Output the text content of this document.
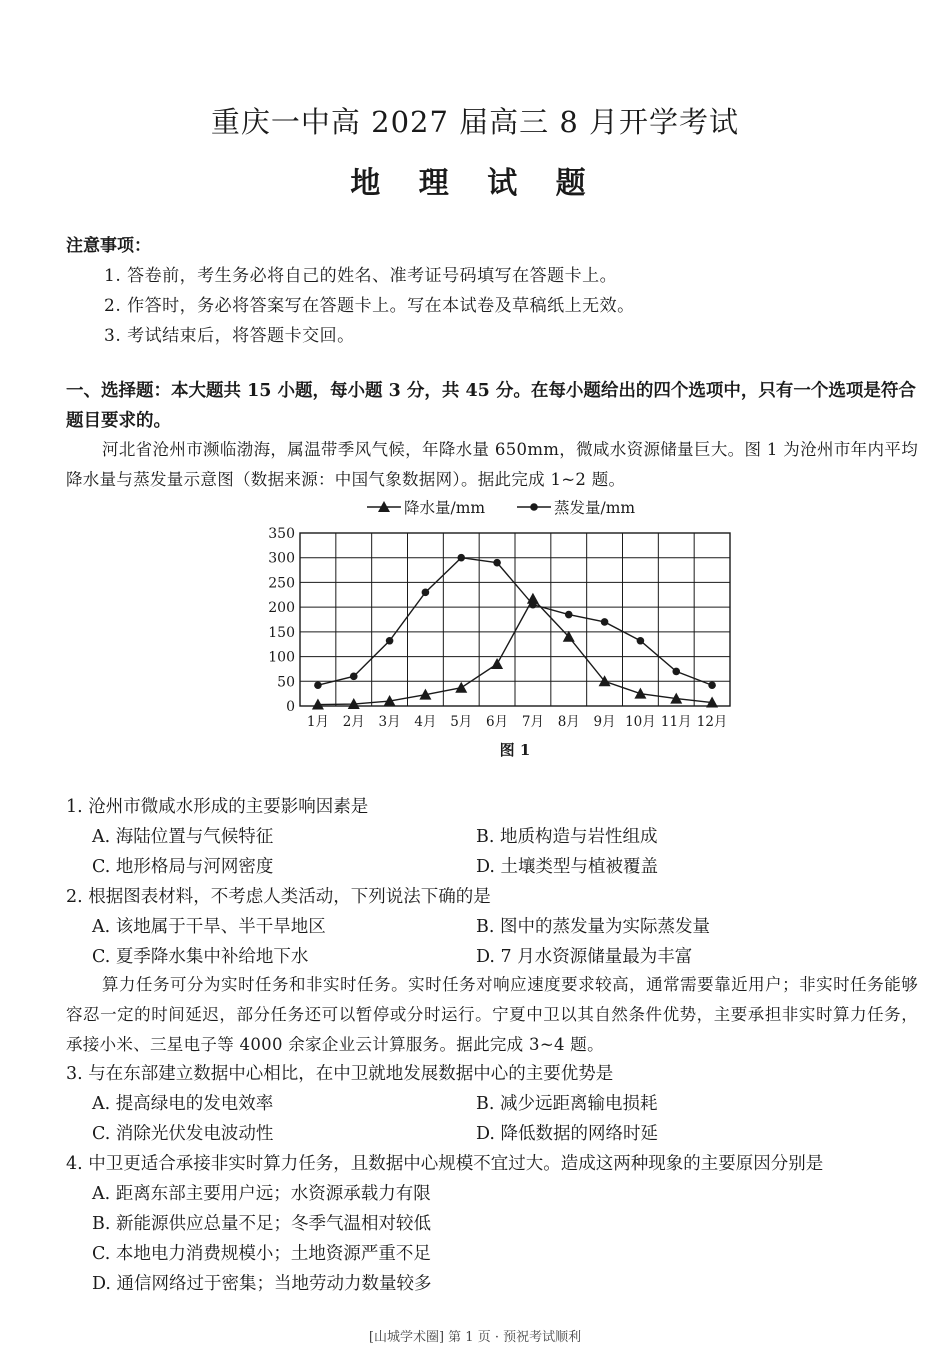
重庆一中高 2027 届高三 8 月开学考试
地 理 试 题
注意事项：
1. 答卷前，考生务必将自己的姓名、准考证号码填写在答题卡上。
2. 作答时，务必将答案写在答题卡上。写在本试卷及草稿纸上无效。
3. 考试结束后，将答题卡交回。
一、选择题：本大题共 15 小题，每小题 3 分，共 45 分。在每小题给出的四个选项中，只有一个选项是符合题目要求的。
河北省沧州市濒临渤海，属温带季风气候，年降水量 650mm，微咸水资源储量巨大。图 1 为沧州市年内平均降水量与蒸发量示意图（数据来源：中国气象数据网）。据此完成 1~2 题。
0
50
100
150
200
250
300
350
1月 2月 3月 4月 5月 6月 7月 8月 9月 10月 11月 12月
降水量/mm	蒸发量/mm
图 1
1. 沧州市微咸水形成的主要影响因素是
A. 海陆位置与气候特征	B. 地质构造与岩性组成
C. 地形格局与河网密度	D. 土壤类型与植被覆盖
2. 根据图表材料，不考虑人类活动，下列说法下确的是
A. 该地属于干旱、半干旱地区	B. 图中的蒸发量为实际蒸发量
C. 夏季降水集中补给地下水	D. 7 月水资源储量最为丰富
算力任务可分为实时任务和非实时任务。实时任务对响应速度要求较高，通常需要靠近用户；非实时任务能够容忍一定的时间延迟，部分任务还可以暂停或分时运行。宁夏中卫以其自然条件优势，主要承担非实时算力任务，承接小米、三星电子等 4000 余家企业云计算服务。据此完成 3~4 题。
3. 与在东部建立数据中心相比，在中卫就地发展数据中心的主要优势是
A. 提高绿电的发电效率	B. 减少远距离输电损耗
C. 消除光伏发电波动性	D. 降低数据的网络时延
4. 中卫更适合承接非实时算力任务，且数据中心规模不宜过大。造成这两种现象的主要原因分别是
A. 距离东部主要用户远；水资源承载力有限
B. 新能源供应总量不足；冬季气温相对较低
C. 本地电力消费规模小；土地资源严重不足
D. 通信网络过于密集；当地劳动力数量较多
[山城学术圈] 第 1 页 · 预祝考试顺利
